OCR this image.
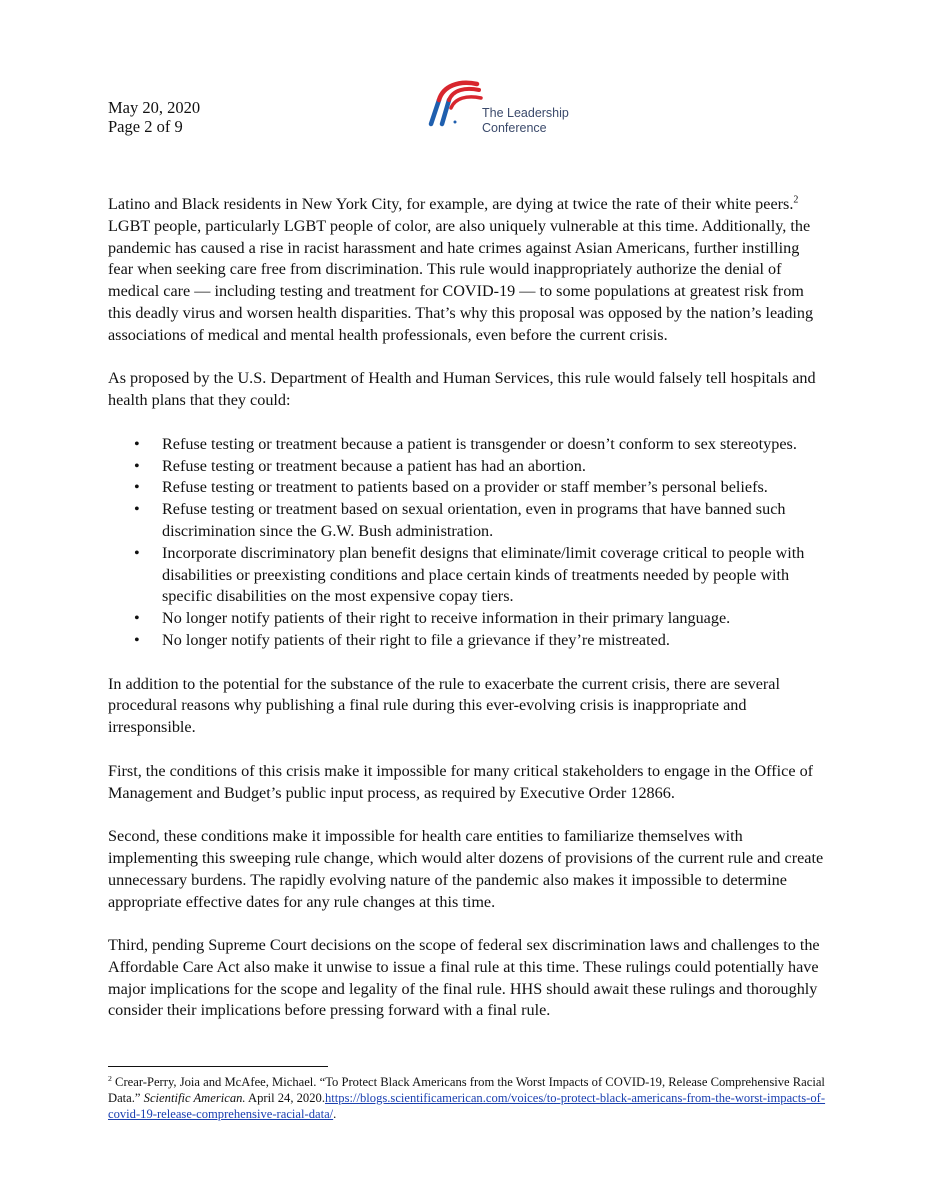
May 20, 2020
Page 2 of 9
The Leadership
Conference

Latino and Black residents in New York City, for example, are dying at twice the rate of their white peers.$^2$ LGBT people, particularly LGBT people of color, are also uniquely vulnerable at this time. Additionally, the pandemic has caused a rise in racist harassment and hate crimes against Asian Americans, further instilling fear when seeking care free from discrimination. This rule would inappropriately authorize the denial of medical care — including testing and treatment for COVID-19 — to some populations at greatest risk from this deadly virus and worsen health disparities. That’s why this proposal was opposed by the nation’s leading associations of medical and mental health professionals, even before the current crisis.

As proposed by the U.S. Department of Health and Human Services, this rule would falsely tell hospitals and health plans that they could:

• Refuse testing or treatment because a patient is transgender or doesn’t conform to sex stereotypes.
• Refuse testing or treatment because a patient has had an abortion.
• Refuse testing or treatment to patients based on a provider or staff member’s personal beliefs.
• Refuse testing or treatment based on sexual orientation, even in programs that have banned such discrimination since the G.W. Bush administration.
• Incorporate discriminatory plan benefit designs that eliminate/limit coverage critical to people with disabilities or preexisting conditions and place certain kinds of treatments needed by people with specific disabilities on the most expensive copay tiers.
• No longer notify patients of their right to receive information in their primary language.
• No longer notify patients of their right to file a grievance if they’re mistreated.

In addition to the potential for the substance of the rule to exacerbate the current crisis, there are several procedural reasons why publishing a final rule during this ever-evolving crisis is inappropriate and irresponsible.

First, the conditions of this crisis make it impossible for many critical stakeholders to engage in the Office of Management and Budget’s public input process, as required by Executive Order 12866.

Second, these conditions make it impossible for health care entities to familiarize themselves with implementing this sweeping rule change, which would alter dozens of provisions of the current rule and create unnecessary burdens. The rapidly evolving nature of the pandemic also makes it impossible to determine appropriate effective dates for any rule changes at this time.

Third, pending Supreme Court decisions on the scope of federal sex discrimination laws and challenges to the Affordable Care Act also make it unwise to issue a final rule at this time. These rulings could potentially have major implications for the scope and legality of the final rule. HHS should await these rulings and thoroughly consider their implications before pressing forward with a final rule.

$^2$ Crear-Perry, Joia and McAfee, Michael. “To Protect Black Americans from the Worst Impacts of COVID-19, Release Comprehensive Racial Data.” Scientific American. April 24, 2020.https://blogs.scientificamerican.com/voices/to-protect-black-americans-from-the-worst-impacts-of-covid-19-release-comprehensive-racial-data/.
